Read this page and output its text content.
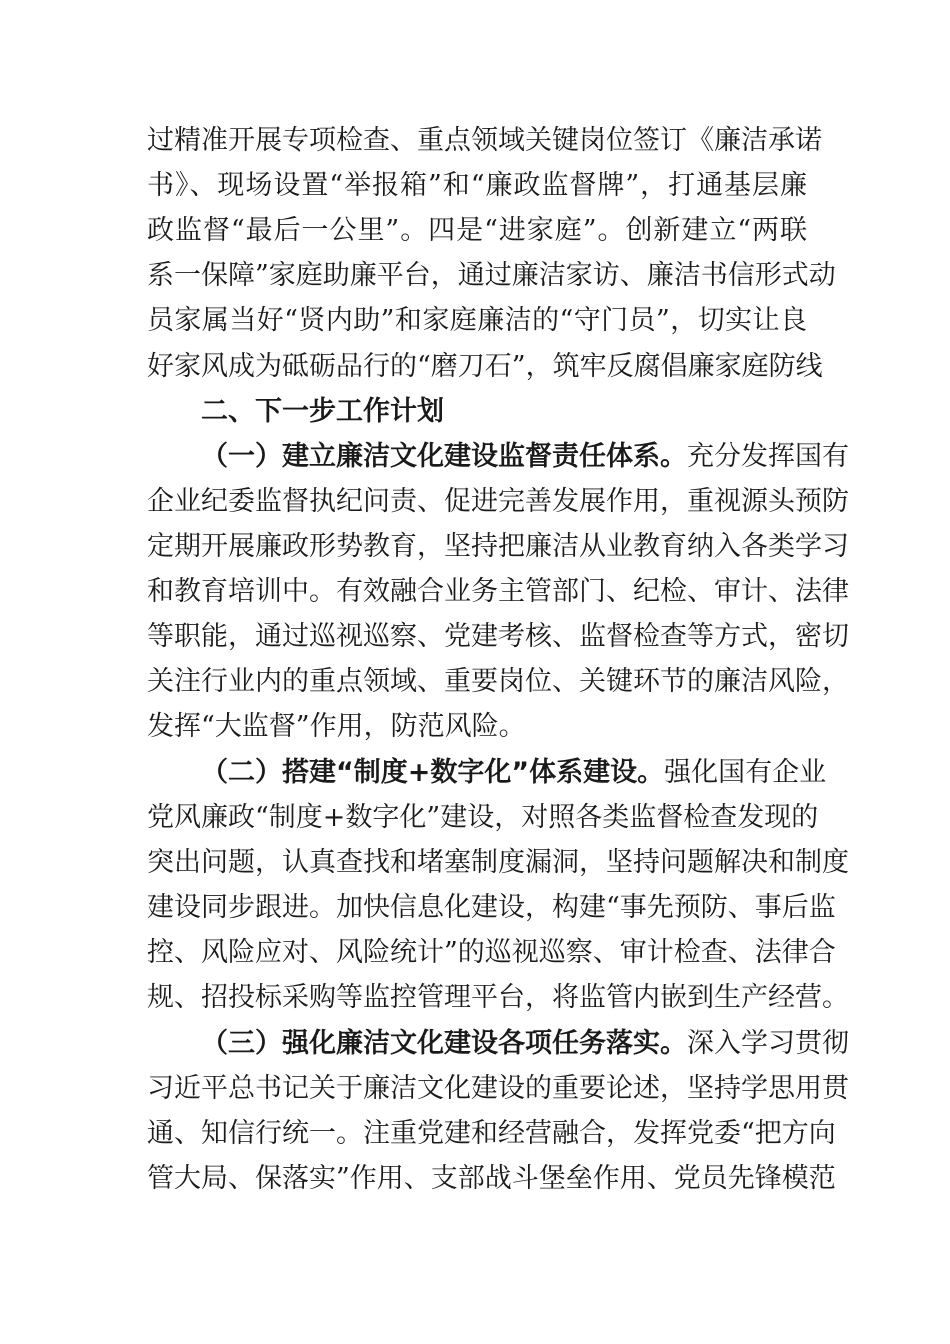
过精准开展专项检查、重点领域关键岗位签订《廉洁承诺
书》、现场设置“举报箱”和“廉政监督牌”，打通基层廉
政监督“最后一公里”。四是“进家庭”。创新建立“两联
系一保障”家庭助廉平台，通过廉洁家访、廉洁书信形式动
员家属当好“贤内助”和家庭廉洁的“守门员”，切实让良
好家风成为砥砺品行的“磨刀石”，筑牢反腐倡廉家庭防线
二、下一步工作计划
（一）建立廉洁文化建设监督责任体系。充分发挥国有
企业纪委监督执纪问责、促进完善发展作用，重视源头预防
定期开展廉政形势教育，坚持把廉洁从业教育纳入各类学习
和教育培训中。有效融合业务主管部门、纪检、审计、法律
等职能，通过巡视巡察、党建考核、监督检查等方式，密切
关注行业内的重点领域、重要岗位、关键环节的廉洁风险，
发挥“大监督”作用，防范风险。
（二）搭建“制度+数字化”体系建设。强化国有企业
党风廉政“制度+数字化”建设，对照各类监督检查发现的
突出问题，认真查找和堵塞制度漏洞，坚持问题解决和制度
建设同步跟进。加快信息化建设，构建“事先预防、事后监
控、风险应对、风险统计”的巡视巡察、审计检查、法律合
规、招投标采购等监控管理平台，将监管内嵌到生产经营。
（三）强化廉洁文化建设各项任务落实。深入学习贯彻
习近平总书记关于廉洁文化建设的重要论述，坚持学思用贯
通、知信行统一。注重党建和经营融合，发挥党委“把方向
管大局、保落实”作用、支部战斗堡垒作用、党员先锋模范
